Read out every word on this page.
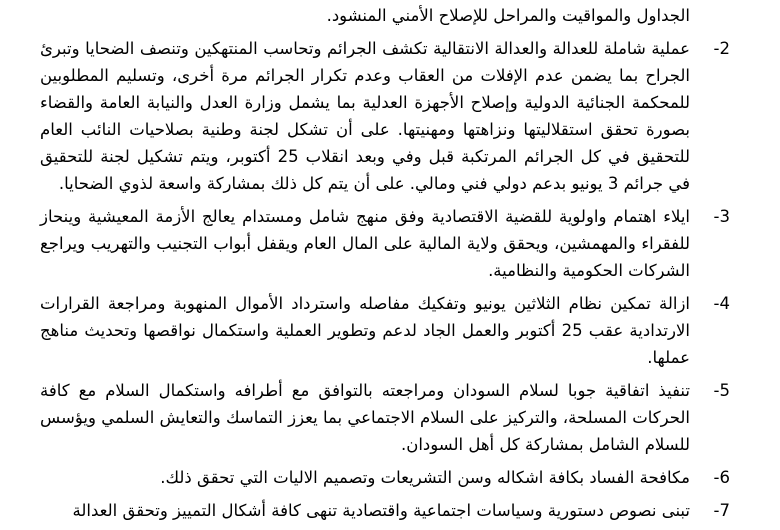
الجداول والمواقيت والمراحل للإصلاح الأمني المنشود.

-2
عملية شاملة للعدالة والعدالة الانتقالية تكشف الجرائم وتحاسب المنتهكين وتنصف الضحايا وتبرئ الجراح بما يضمن عدم الإفلات من العقاب وعدم تكرار الجرائم مرة أخرى، وتسليم المطلوبين للمحكمة الجنائية الدولية وإصلاح الأجهزة العدلية بما يشمل وزارة العدل والنيابة العامة والقضاء بصورة تحقق استقلاليتها ونزاهتها ومهنيتها. على أن تشكل لجنة وطنية بصلاحيات النائب العام للتحقيق في كل الجرائم المرتكبة قبل وفي وبعد انقلاب 25 أكتوبر، ويتم تشكيل لجنة للتحقيق في جرائم 3 يونيو بدعم دولي فني ومالي. على أن يتم كل ذلك بمشاركة واسعة لذوي الضحايا.
-3
ايلاء اهتمام واولوية للقضية الاقتصادية وفق منهج شامل ومستدام يعالج الأزمة المعيشية وينحاز للفقراء والمهمشين، ويحقق ولاية المالية على المال العام ويقفل أبواب التجنيب والتهريب ويراجع الشركات الحكومية والنظامية.
-4
ازالة تمكين نظام الثلاثين يونيو وتفكيك مفاصله واسترداد الأموال المنهوبة ومراجعة القرارات الارتدادية عقب 25 أكتوبر والعمل الجاد لدعم وتطوير العملية واستكمال نواقصها وتحديث مناهج عملها.
-5
تنفيذ اتفاقية جوبا لسلام السودان ومراجعته بالتوافق مع أطرافه واستكمال السلام مع كافة الحركات المسلحة، والتركيز على السلام الاجتماعي بما يعزز التماسك والتعايش السلمي ويؤسس للسلام الشامل بمشاركة كل أهل السودان.
-6
مكافحة الفساد بكافة اشكاله وسن التشريعات وتصميم الاليات التي تحقق ذلك.
-7
تبنى نصوص دستورية وسياسات اجتماعية واقتصادية تنهى كافة أشكال التمييز وتحقق العدالة
